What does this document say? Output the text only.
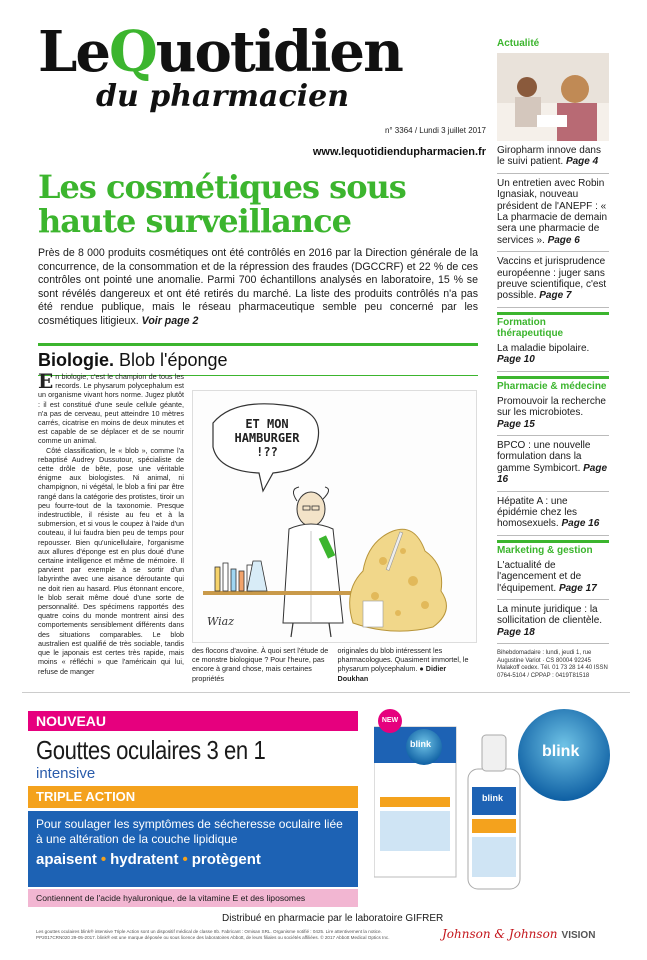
LeQuotidien
du pharmacien
n° 3364 / Lundi 3 juillet 2017
www.lequotidiendupharmacien.fr
Les cosmétiques sous haute surveillance

Près de 8 000 produits cosmétiques ont été contrôlés en 2016 par la Direction générale de la concurrence, de la consommation et de la répression des fraudes (DGCCRF) et 22 % de ces contrôles ont pointé une anomalie. Parmi 700 échantillons analysés en laboratoire, 15 % se sont révélés dangereux et ont été retirés du marché. La liste des produits contrôlés n'a pas été rendue publique, mais le réseau pharmaceutique semble peu concerné par les cosmétiques litigieux. Voir page 2

Biologie. Blob l'éponge

E n biologie, c'est le champion de tous les records. Le physarum polycephalum est un organisme vivant hors norme. Jugez plutôt : il est constitué d'une seule cellule géante, n'a pas de cerveau, peut atteindre 10 mètres carrés, cicatrise en moins de deux minutes et est capable de se déplacer et de se nourrir comme un animal.

Côté classification, le « blob », comme l'a rebaptisé Audrey Dussutour, spécialiste de cette drôle de bête, pose une véritable énigme aux biologistes. Ni animal, ni champignon, ni végétal, le blob a fini par être rangé dans la catégorie des protistes, tiroir un peu fourre-tout de la taxonomie. Presque indestructible, il résiste au feu et à la submersion, et si vous le coupez à l'aide d'un couteau, il lui faudra bien peu de temps pour repousser. Bien qu'unicellulaire, l'organisme aux allures d'éponge est en plus doué d'une certaine intelligence et même de mémoire. Il parvient par exemple à se sortir d'un labyrinthe avec une aisance déroutante qui ne doit rien au hasard. Plus étonnant encore, le blob serait même doué d'une sorte de personnalité. Des spécimens rapportés des quatre coins du monde montrent ainsi des comportements sensiblement différents dans des situations comparables. Le blob australien est qualifié de très sociable, tandis que le japonais est certes très rapide, mais moins « réfléchi » que l'américain qui lui, refuse de manger

ET MON HAMBURGER !??
Wiaz
des flocons d'avoine. À quoi sert l'étude de ce monstre biologique ? Pour l'heure, pas encore à grand chose, mais certaines propriétés
originales du blob intéressent les pharmacologues. Quasiment immortel, le physarum polycephalum. ● Didier Doukhan
Actualité
Giropharm innove dans le suivi patient. Page 4
Un entretien avec Robin Ignasiak, nouveau président de l'ANEPF : « La pharmacie de demain sera une pharmacie de services ». Page 6
Vaccins et jurisprudence européenne : juger sans preuve scientifique, c'est possible. Page 7
Formation thérapeutique
La maladie bipolaire. Page 10
Pharmacie & médecine
Promouvoir la recherche sur les microbiotes. Page 15
BPCO : une nouvelle formulation dans la gamme Symbicort. Page 16
Hépatite A : une épidémie chez les homosexuels. Page 16
Marketing & gestion
L'actualité de l'agencement et de l'équipement. Page 17
La minute juridique : la sollicitation de clientèle. Page 18
Bihebdomadaire : lundi, jeudi 1, rue Augustine Variot · CS 80004 92245 Malakoff cedex. Tél. 01 73 28 14 40 ISSN 0764-5104 / CPPAP : 0419T81518
NOUVEAU
Gouttes oculaires 3 en 1
intensive
TRIPLE ACTION

Pour soulager les symptômes de sécheresse oculaire liée à une altération de la couche lipidique

apaisent • hydratent • protègent
Contiennent de l'acide hyaluronique, de la vitamine E et des liposomes
Distribué en pharmacie par le laboratoire GIFRER
Les gouttes oculaires blink® intensive Triple Action sont un dispositif médical de classe IIb. Fabricant : Omisan SRL. Organisme notifié : 0425. Lire attentivement la notice. PP2017CRN020 29-05-2017. blink® est une marque déposée ou sous licence des laboratoires Abbott, de leurs filiales ou sociétés affiliées. © 2017 Abbott Medical Optics Inc.	Johnson & Johnson VISION
NEW
blink
blink
blink
